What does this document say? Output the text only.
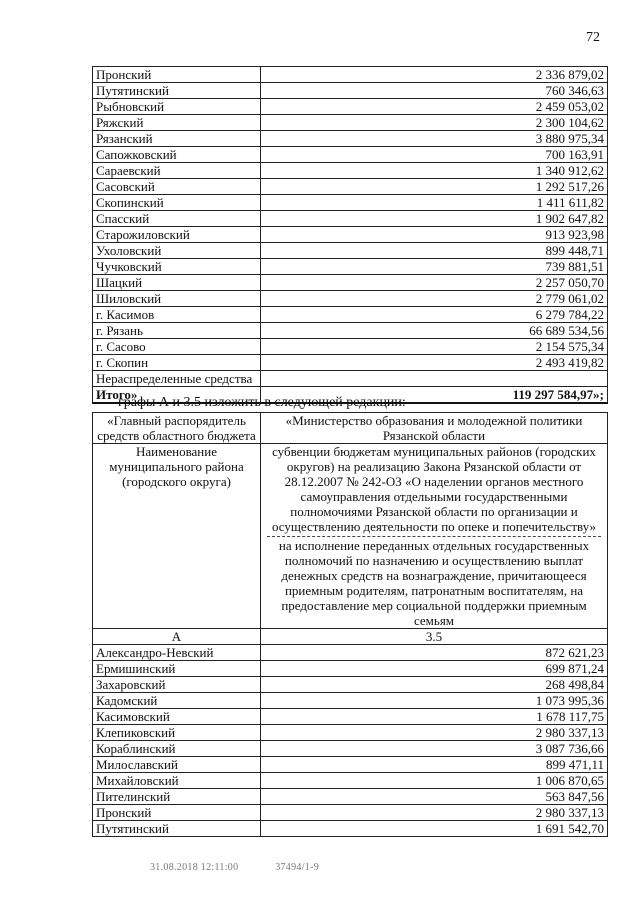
72
Пронский	2 336 879,02
Путятинский	760 346,63
Рыбновский	2 459 053,02
Ряжский	2 300 104,62
Рязанский	3 880 975,34
Сапожковский	700 163,91
Сараевский	1 340 912,62
Сасовский	1 292 517,26
Скопинский	1 411 611,82
Спасский	1 902 647,82
Старожиловский	913 923,98
Ухоловский	899 448,71
Чучковский	739 881,51
Шацкий	2 257 050,70
Шиловский	2 779 061,02
г. Касимов	6 279 784,22
г. Рязань	66 689 534,56
г. Сасово	2 154 575,34
г. Скопин	2 493 419,82
Нераспределенные средства	
Итого»	119 297 584,97»;
графы А и 3.5 изложить в следующей редакции:
«Главный распорядитель средств областного бюджета	«Министерство образования и молодежной политики Рязанской области
Наименование муниципального района (городского округа)	субвенции бюджетам муниципальных районов (городских округов) на реализацию Закона Рязанской области от 28.12.2007 № 242-ОЗ «О наделении органов местного самоуправления отдельными государственными полномочиями Рязанской области по организации и осуществлению деятельности по опеке и попечительству»
на исполнение переданных отдельных государственных полномочий по назначению и осуществлению выплат денежных средств на вознаграждение, причитающееся приемным родителям, патронатным воспитателям, на предоставление мер социальной поддержки приемным семьям

А	3.5
Александро-Невский	872 621,23
Ермишинский	699 871,24
Захаровский	268 498,84
Кадомский	1 073 995,36
Касимовский	1 678 117,75
Клепиковский	2 980 337,13
Кораблинский	3 087 736,66
Милославский	899 471,11
Михайловский	1 006 870,65
Пителинский	563 847,56
Пронский	2 980 337,13
Путятинский	1 691 542,70
31.08.2018 12:11:00	37494/1-9
